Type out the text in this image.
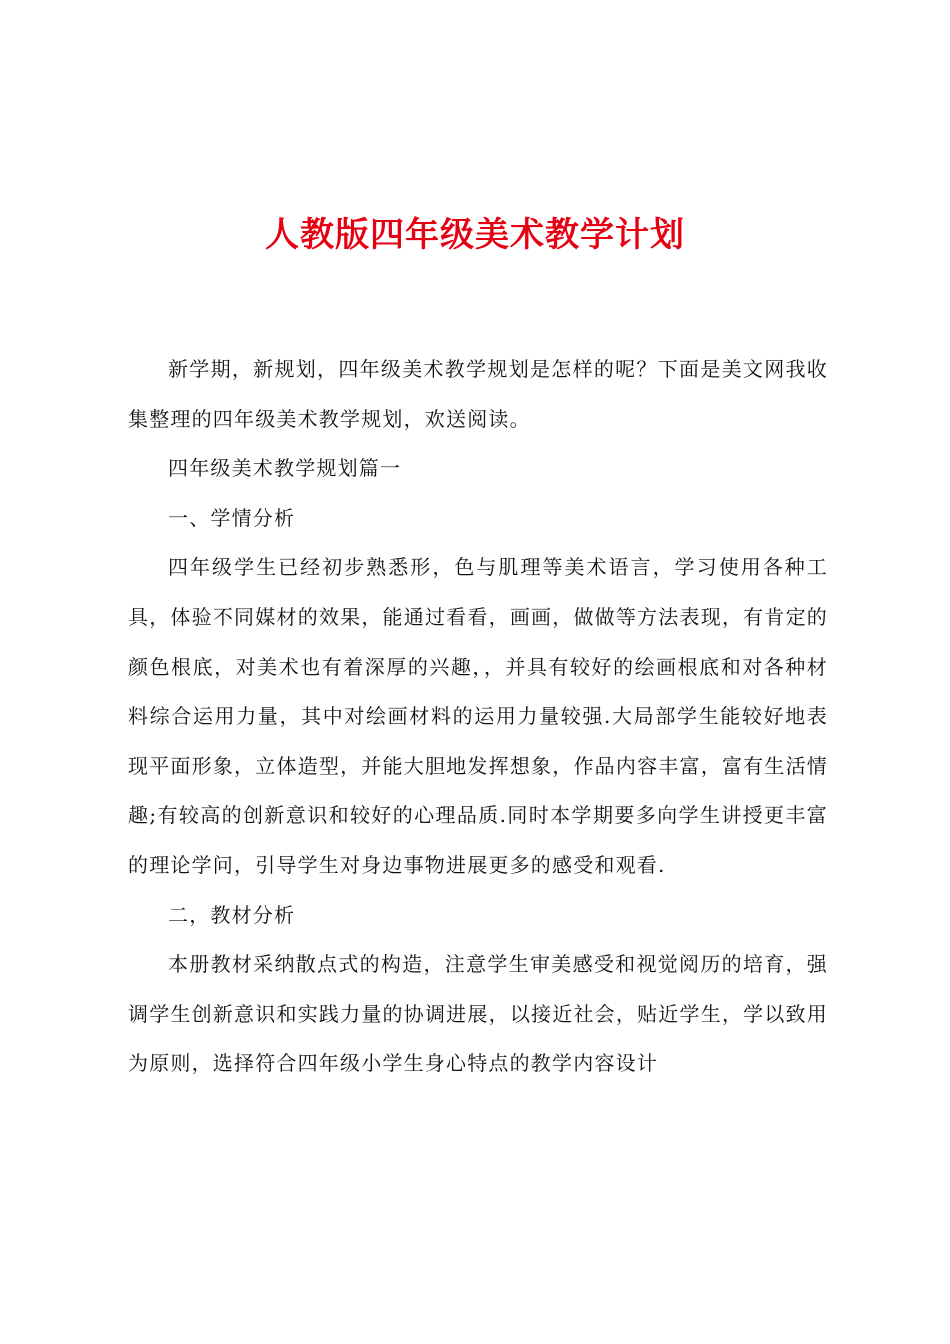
人教版四年级美术教学计划

新学期，新规划，四年级美术教学规划是怎样的呢？下面是美文网我收集整理的四年级美术教学规划，欢送阅读。

四年级美术教学规划篇一

一、学情分析

四年级学生已经初步熟悉形，色与肌理等美术语言，学习使用各种工具，体验不同媒材的效果，能通过看看，画画，做做等方法表现，有肯定的颜色根底，对美术也有着深厚的兴趣，，并具有较好的绘画根底和对各种材料综合运用力量，其中对绘画材料的运用力量较强.大局部学生能较好地表现平面形象，立体造型，并能大胆地发挥想象，作品内容丰富，富有生活情趣;有较高的创新意识和较好的心理品质.同时本学期要多向学生讲授更丰富的理论学问，引导学生对身边事物进展更多的感受和观看.

二，教材分析

本册教材采纳散点式的构造，注意学生审美感受和视觉阅历的培育，强调学生创新意识和实践力量的协调进展，以接近社会，贴近学生，学以致用为原则，选择符合四年级小学生身心特点的教学内容设计
